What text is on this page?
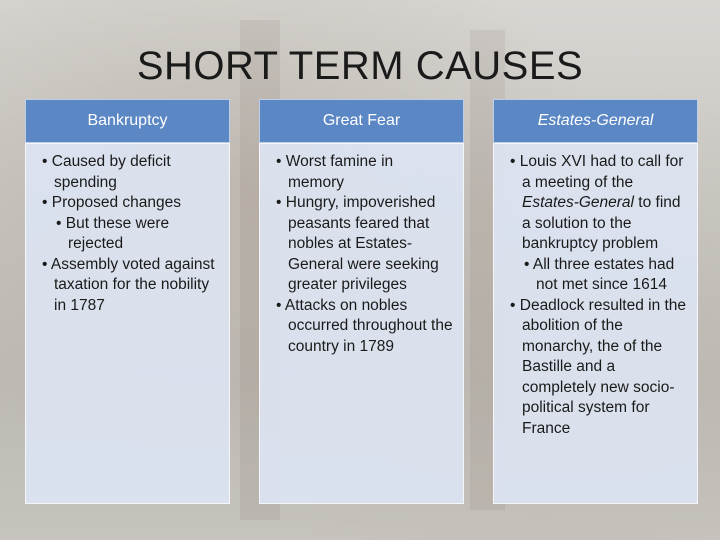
SHORT TERM CAUSES
Bankruptcy
• Caused by deficit spending
• Proposed changes
• But these were rejected
• Assembly voted against taxation for the nobility in 1787
Great Fear
• Worst famine in memory
• Hungry, impoverished peasants feared that nobles at Estates-General were seeking greater privileges
• Attacks on nobles occurred throughout the country in 1789
Estates-General
• Louis XVI had to call for a meeting of the Estates-General to find a solution to the bankruptcy problem
• All three estates had not met since 1614
• Deadlock resulted in the abolition of the monarchy, the of the Bastille and a completely new socio-political system for France
